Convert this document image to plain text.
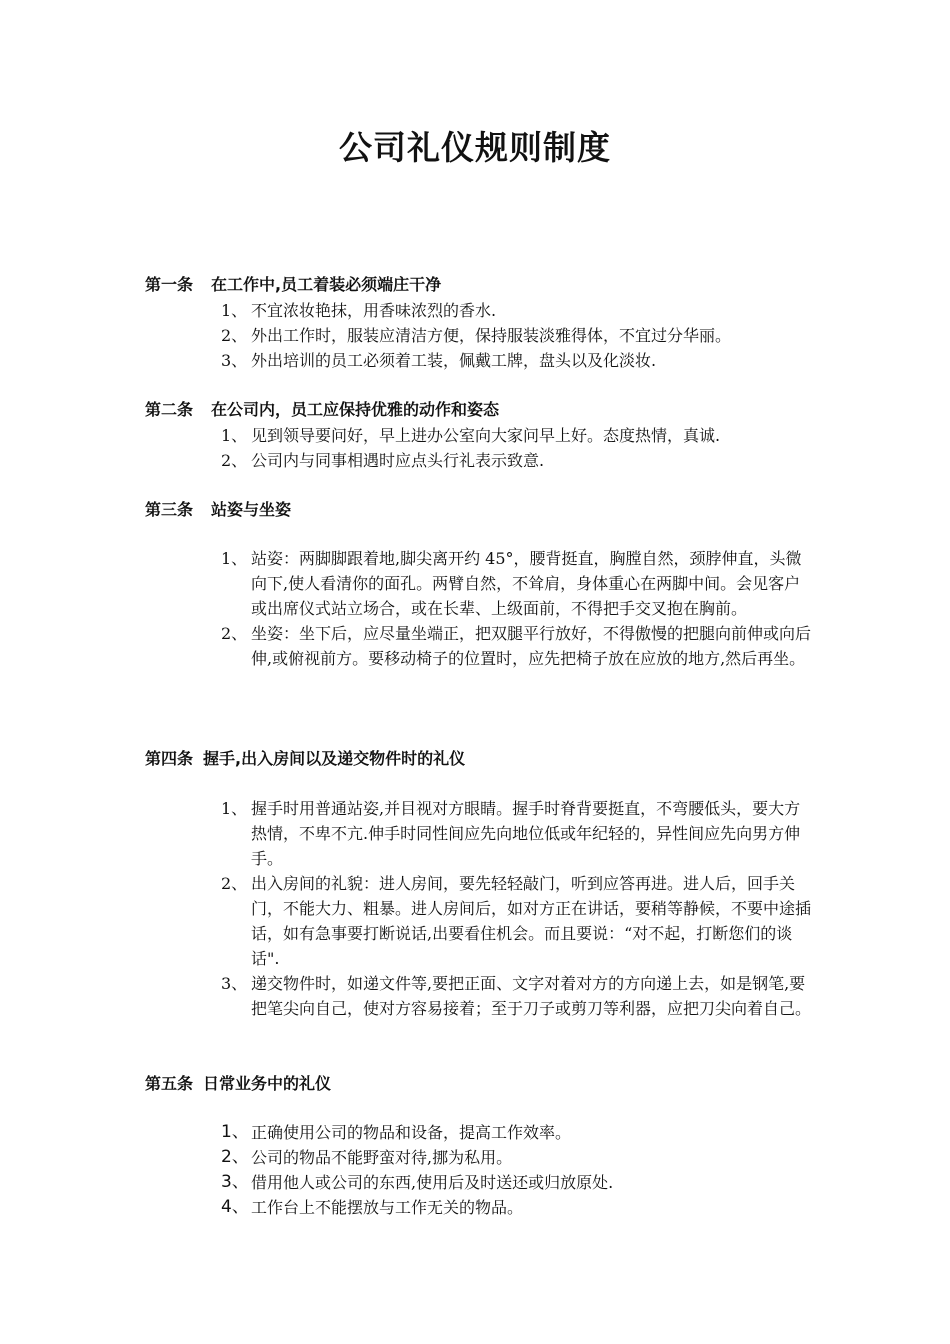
公司礼仪规则制度

第一条 在工作中,员工着装必须端庄干净

1、 不宜浓妆艳抹，用香味浓烈的香水.
2、 外出工作时，服装应清洁方便，保持服装淡雅得体，不宜过分华丽。
3、 外出培训的员工必须着工装，佩戴工牌，盘头以及化淡妆.

第二条 在公司内，员工应保持优雅的动作和姿态

1、 见到领导要问好，早上进办公室向大家问早上好。态度热情，真诚.
2、 公司内与同事相遇时应点头行礼表示致意.

第三条 站姿与坐姿

1、 站姿：两脚脚跟着地,脚尖离开约 45°，腰背挺直，胸膛自然，颈脖伸直，头微向下,使人看清你的面孔。两臂自然，不耸肩，身体重心在两脚中间。会见客户或出席仪式站立场合，或在长辈、上级面前，不得把手交叉抱在胸前。
2、 坐姿：坐下后，应尽量坐端正，把双腿平行放好，不得傲慢的把腿向前伸或向后伸,或俯视前方。要移动椅子的位置时，应先把椅子放在应放的地方,然后再坐。

第四条 握手,出入房间以及递交物件时的礼仪

1、 握手时用普通站姿,并目视对方眼睛。握手时脊背要挺直，不弯腰低头，要大方热情，不卑不亢.伸手时同性间应先向地位低或年纪轻的，异性间应先向男方伸手。
2、 出入房间的礼貌：进人房间，要先轻轻敲门，听到应答再进。进人后，回手关门，不能大力、粗暴。进人房间后，如对方正在讲话，要稍等静候，不要中途插话，如有急事要打断说话,出要看住机会。而且要说：“对不起，打断您们的谈话".
3、 递交物件时，如递文件等,要把正面、文字对着对方的方向递上去，如是钢笔,要把笔尖向自己，使对方容易接着；至于刀子或剪刀等利器，应把刀尖向着自己。

第五条 日常业务中的礼仪

1、 正确使用公司的物品和设备，提高工作效率。
2、 公司的物品不能野蛮对待,挪为私用。
3、 借用他人或公司的东西,使用后及时送还或归放原处.
4、 工作台上不能摆放与工作无关的物品。
